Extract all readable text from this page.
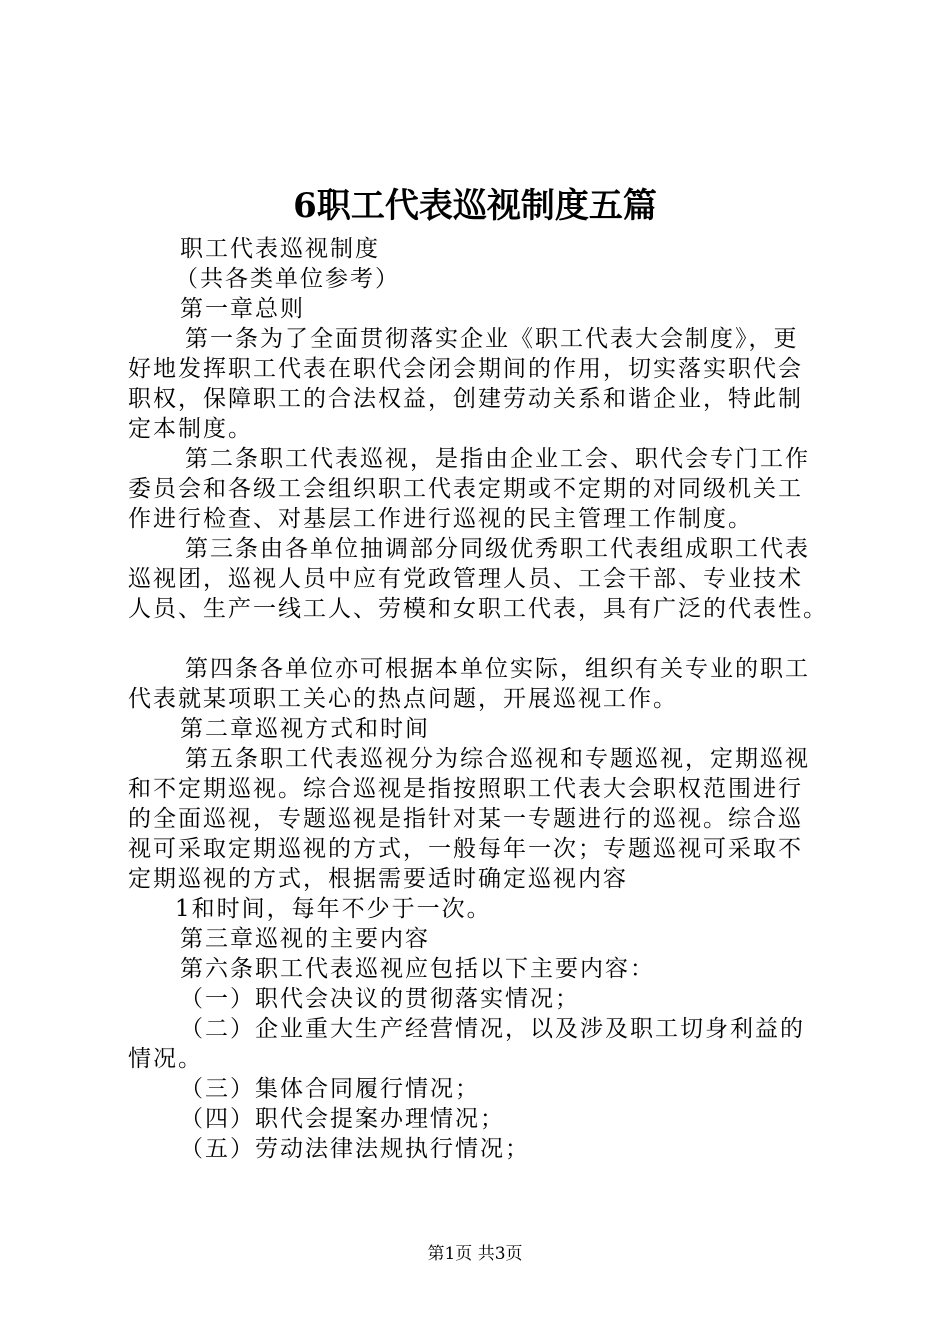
6职工代表巡视制度五篇
职工代表巡视制度
（共各类单位参考）
第一章总则
第一条为了全面贯彻落实企业《职工代表大会制度》，更
好地发挥职工代表在职代会闭会期间的作用，切实落实职代会
职权，保障职工的合法权益，创建劳动关系和谐企业，特此制
定本制度。
第二条职工代表巡视，是指由企业工会、职代会专门工作
委员会和各级工会组织职工代表定期或不定期的对同级机关工
作进行检查、对基层工作进行巡视的民主管理工作制度。
第三条由各单位抽调部分同级优秀职工代表组成职工代表
巡视团，巡视人员中应有党政管理人员、工会干部、专业技术
人员、生产一线工人、劳模和女职工代表，具有广泛的代表性。
第四条各单位亦可根据本单位实际，组织有关专业的职工
代表就某项职工关心的热点问题，开展巡视工作。
第二章巡视方式和时间
第五条职工代表巡视分为综合巡视和专题巡视，定期巡视
和不定期巡视。综合巡视是指按照职工代表大会职权范围进行
的全面巡视，专题巡视是指针对某一专题进行的巡视。综合巡
视可采取定期巡视的方式，一般每年一次；专题巡视可采取不
定期巡视的方式，根据需要适时确定巡视内容
1和时间，每年不少于一次。
第三章巡视的主要内容
第六条职工代表巡视应包括以下主要内容：
（一）职代会决议的贯彻落实情况；
（二）企业重大生产经营情况，以及涉及职工切身利益的
情况。
（三）集体合同履行情况；
（四）职代会提案办理情况；
（五）劳动法律法规执行情况；
第1页 共3页
